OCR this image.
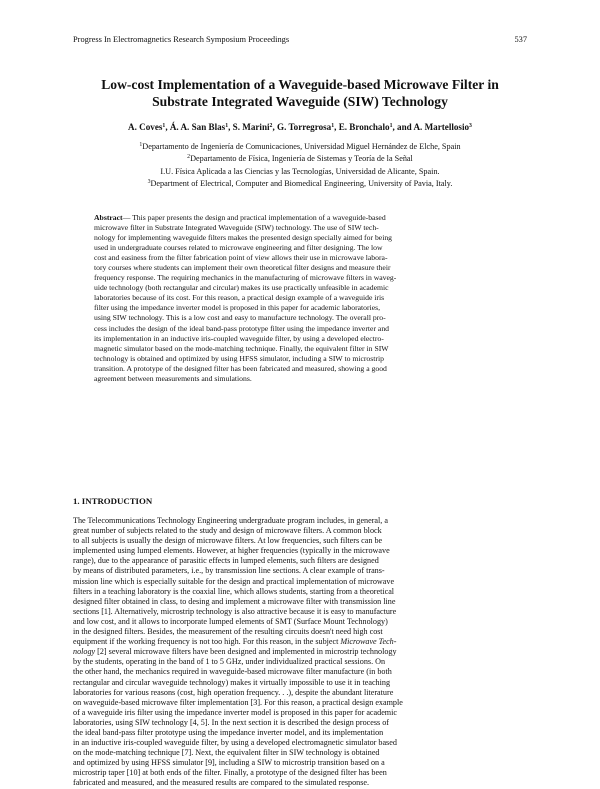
Progress In Electromagnetics Research Symposium Proceedings	537
Low-cost Implementation of a Waveguide-based Microwave Filter in
Substrate Integrated Waveguide (SIW) Technology
A. Coves$^1$, Á. A. San Blas$^1$, S. Marini$^2$, G. Torregrosa$^1$, E. Bronchalo$^1$, and A. Martellosio$^3$
$^1$Departamento de Ingeniería de Comunicaciones, Universidad Miguel Hernández de Elche, Spain
$^2$Departamento de Física, Ingeniería de Sistemas y Teoría de la Señal
I.U. Física Aplicada a las Ciencias y las Tecnologías, Universidad de Alicante, Spain.
$^3$Department of Electrical, Computer and Biomedical Engineering, University of Pavia, Italy.
Abstract— This paper presents the design and practical implementation of a waveguide-based
microwave filter in Substrate Integrated Waveguide (SIW) technology. The use of SIW tech-
nology for implementing waveguide filters makes the presented design specially aimed for being
used in undergraduate courses related to microwave engineering and filter designing. The low
cost and easiness from the filter fabrication point of view allows their use in microwave labora-
tory courses where students can implement their own theoretical filter designs and measure their
frequency response. The requiring mechanics in the manufacturing of microwave filters in waveg-
uide technology (both rectangular and circular) makes its use practically unfeasible in academic
laboratories because of its cost. For this reason, a practical design example of a waveguide iris
filter using the impedance inverter model is proposed in this paper for academic laboratories,
using SIW technology. This is a low cost and easy to manufacture technology. The overall pro-
cess includes the design of the ideal band-pass prototype filter using the impedance inverter and
its implementation in an inductive iris-coupled waveguide filter, by using a developed electro-
magnetic simulator based on the mode-matching technique. Finally, the equivalent filter in SIW
technology is obtained and optimized by using HFSS simulator, including a SIW to microstrip
transition. A prototype of the designed filter has been fabricated and measured, showing a good
agreement between measurements and simulations.
1. INTRODUCTION
The Telecommunications Technology Engineering undergraduate program includes, in general, a
great number of subjects related to the study and design of microwave filters. A common block
to all subjects is usually the design of microwave filters. At low frequencies, such filters can be
implemented using lumped elements. However, at higher frequencies (typically in the microwave
range), due to the appearance of parasitic effects in lumped elements, such filters are designed
by means of distributed parameters, i.e., by transmission line sections. A clear example of trans-
mission line which is especially suitable for the design and practical implementation of microwave
filters in a teaching laboratory is the coaxial line, which allows students, starting from a theoretical
designed filter obtained in class, to desing and implement a microwave filter with transmission line
sections [1]. Alternatively, microstrip technology is also attractive because it is easy to manufacture
and low cost, and it allows to incorporate lumped elements of SMT (Surface Mount Technology)
in the designed filters. Besides, the measurement of the resulting circuits doesn't need high cost
equipment if the working frequency is not too high. For this reason, in the subject Microwave Tech-
nology [2] several microwave filters have been designed and implemented in microstrip technology
by the students, operating in the band of 1 to 5 GHz, under individualized practical sessions. On
the other hand, the mechanics required in waveguide-based microwave filter manufacture (in both
rectangular and circular waveguide technology) makes it virtually impossible to use it in teaching
laboratories for various reasons (cost, high operation frequency. . .), despite the abundant literature
on waveguide-based microwave filter implementation [3]. For this reason, a practical design example
of a waveguide iris filter using the impedance inverter model is proposed in this paper for academic
laboratories, using SIW technology [4, 5]. In the next section it is described the design process of
the ideal band-pass filter prototype using the impedance inverter model, and its implementation
in an inductive iris-coupled waveguide filter, by using a developed electromagnetic simulator based
on the mode-matching technique [7]. Next, the equivalent filter in SIW technology is obtained
and optimized by using HFSS simulator [9], including a SIW to microstrip transition based on a
microstrip taper [10] at both ends of the filter. Finally, a prototype of the designed filter has been
fabricated and measured, and the measured results are compared to the simulated response.
